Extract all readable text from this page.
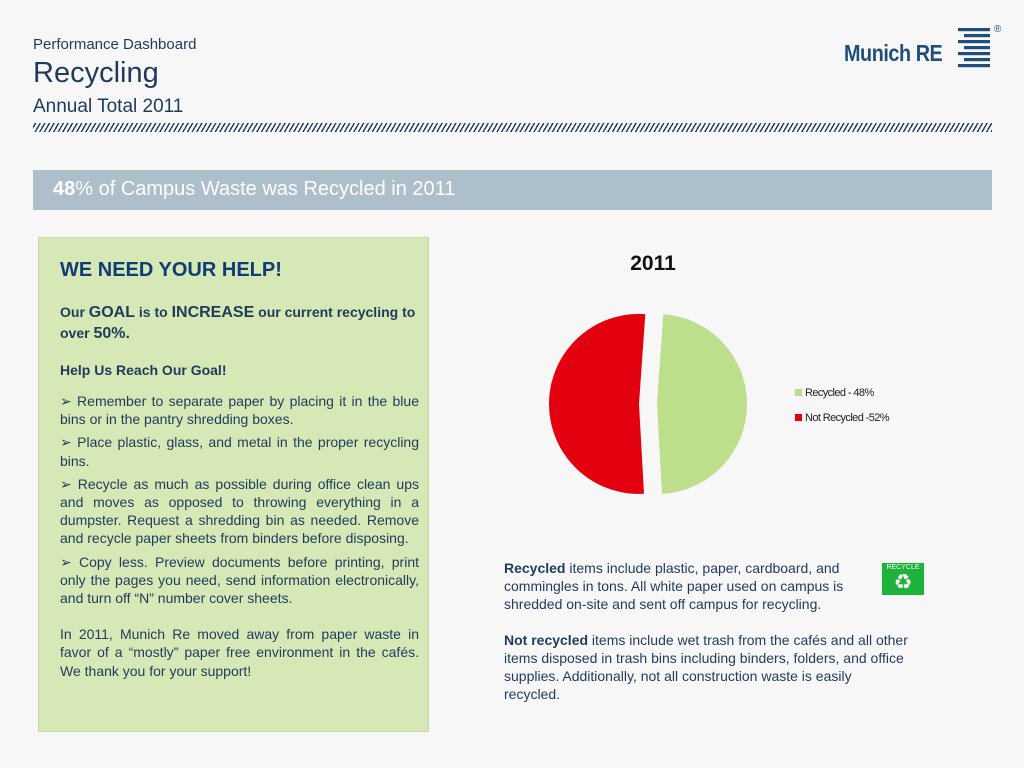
Performance Dashboard
Recycling
Annual Total 2011
Munich RE
®
48% of Campus Waste was Recycled in 2011
WE NEED YOUR HELP!
Our GOAL is to INCREASE our current recycling to over 50%.
Help Us Reach Our Goal!
➢ Remember to separate paper by placing it in the blue bins or in the pantry shredding boxes.
➢ Place plastic, glass, and metal in the proper recycling bins.
➢ Recycle as much as possible during office clean ups and moves as opposed to throwing everything in a dumpster. Request a shredding bin as needed. Remove and recycle paper sheets from binders before disposing.
➢ Copy less. Preview documents before printing, print only the pages you need, send information electronically, and turn off “N” number cover sheets.
In 2011, Munich Re moved away from paper waste in favor of a “mostly” paper free environment in the cafés. We thank you for your support!
2011
Recycled - 48%
Not Recycled -52%

Recycled items include plastic, paper, cardboard, and commingles in tons. All white paper used on campus is shredded on-site and sent off campus for recycling.

Not recycled items include wet trash from the cafés and all other items disposed in trash bins including binders, folders, and office supplies. Additionally, not all construction waste is easily recycled.

RECYCLE
♻
